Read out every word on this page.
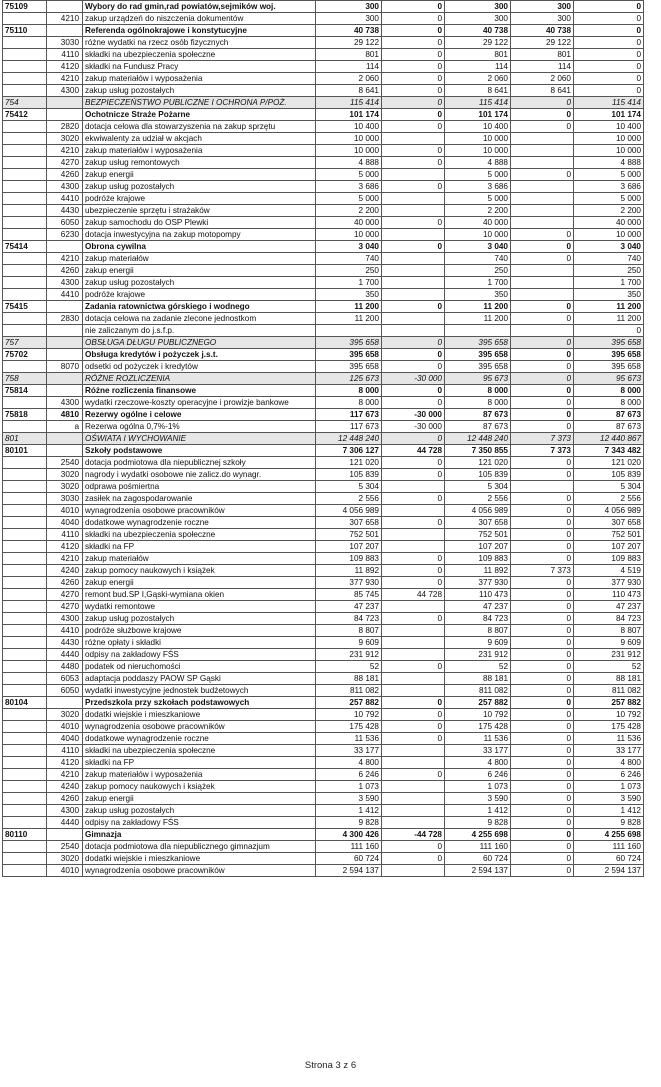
75109		Wybory do rad gmin,rad powiatów,sejmików woj.	300	0	300	300	0
	4210	zakup urządzeń do niszczenia dokumentów	300	0	300	300	0
75110		Referenda ogólnokrajowe i konstytucyjne	40 738	0	40 738	40 738	0
	3030	różne wydatki na rzecz osób fizycznych	29 122	0	29 122	29 122	0
	4110	składki na ubezpieczenia społeczne	801	0	801	801	0
	4120	składki na Fundusz Pracy	114	0	114	114	0
	4210	zakup materiałów i wyposażenia	2 060	0	2 060	2 060	0
	4300	zakup usług pozostałych	8 641	0	8 641	8 641	0
754		BEZPIECZEŃSTWO PUBLICZNE I OCHRONA P/POŻ.	115 414	0	115 414	0	115 414
75412		Ochotnicze Straże Pożarne	101 174	0	101 174	0	101 174
	2820	dotacja celowa dla stowarzyszenia na zakup sprzętu	10 400	0	10 400	0	10 400
	3020	ekwiwalenty za udział w akcjach	10 000		10 000		10 000
	4210	zakup materiałów i wyposażenia	10 000	0	10 000		10 000
	4270	zakup usług remontowych	4 888	0	4 888		4 888
	4260	zakup energii	5 000		5 000	0	5 000
	4300	zakup usług pozostałych	3 686	0	3 686		3 686
	4410	podróże krajowe	5 000		5 000		5 000
	4430	ubezpieczenie sprzętu i strażaków	2 200		2 200		2 200
	6050	zakup samochodu do OSP Plewki	40 000	0	40 000		40 000
	6230	dotacja inwestycyjna na zakup motopompy	10 000		10 000	0	10 000
75414		Obrona cywilna	3 040	0	3 040	0	3 040
	4210	zakup materiałów	740		740	0	740
	4260	zakup energii	250		250		250
	4300	zakup usług pozostałych	1 700		1 700		1 700
	4410	podróże krajowe	350		350		350
75415		Zadania ratownictwa górskiego i wodnego	11 200	0	11 200	0	11 200
	2830	dotacja celowa na zadanie zlecone jednostkom	11 200		11 200	0	11 200
		nie zaliczanym do j.s.f.p.					0
757		OBSŁUGA DŁUGU PUBLICZNEGO	395 658	0	395 658	0	395 658
75702		Obsługa kredytów i pożyczek j.s.t.	395 658	0	395 658	0	395 658
	8070	odsetki od pożyczek i kredytów	395 658	0	395 658	0	395 658
758		RÓŻNE ROZLICZENIA	125 673	-30 000	95 673	0	95 673
75814		Różne rozliczenia finansowe	8 000	0	8 000	0	8 000
	4300	wydatki rzeczowe-koszty operacyjne i prowizje bankowe	8 000	0	8 000	0	8 000
75818	4810	Rezerwy ogólne i celowe	117 673	-30 000	87 673	0	87 673
	a	Rezerwa ogólna 0,7%-1%	117 673	-30 000	87 673	0	87 673
801		OŚWIATA I WYCHOWANIE	12 448 240	0	12 448 240	7 373	12 440 867
80101		Szkoły podstawowe	7 306 127	44 728	7 350 855	7 373	7 343 482
	2540	dotacja podmiotowa dla niepublicznej szkoły	121 020	0	121 020	0	121 020
	3020	nagrody i wydatki osobowe nie zalicz.do wynagr.	105 839	0	105 839	0	105 839
	3020	odprawa pośmiertna	5 304		5 304		5 304
	3030	zasiłek na zagospodarowanie	2 556	0	2 556	0	2 556
	4010	wynagrodzenia osobowe pracowników	4 056 989		4 056 989	0	4 056 989
	4040	dodatkowe wynagrodzenie roczne	307 658	0	307 658	0	307 658
	4110	składki na ubezpieczenia społeczne	752 501		752 501	0	752 501
	4120	składki na FP	107 207		107 207	0	107 207
	4210	zakup materiałów	109 883	0	109 883	0	109 883
	4240	zakup pomocy naukowych i książek	11 892	0	11 892	7 373	4 519
	4260	zakup energii	377 930	0	377 930	0	377 930
	4270	remont bud.SP I,Gąski-wymiana okien	85 745	44 728	110 473	0	110 473
	4270	wydatki remontowe	47 237		47 237	0	47 237
	4300	zakup usług pozostałych	84 723	0	84 723	0	84 723
	4410	podróże służbowe krajowe	8 807		8 807	0	8 807
	4430	różne opłaty i składki	9 609		9 609	0	9 609
	4440	odpisy na zakładowy FŚS	231 912		231 912	0	231 912
	4480	podatek od nieruchomości	52	0	52	0	52
	6053	adaptacja poddaszy PAOW SP Gąski	88 181		88 181	0	88 181
	6050	wydatki inwestycyjne jednostek budżetowych	811 082		811 082	0	811 082
80104		Przedszkola przy szkołach podstawowych	257 882	0	257 882	0	257 882
	3020	dodatki wiejskie i mieszkaniowe	10 792	0	10 792	0	10 792
	4010	wynagrodzenia osobowe pracowników	175 428	0	175 428	0	175 428
	4040	dodatkowe wynagrodzenie roczne	11 536	0	11 536	0	11 536
	4110	składki na ubezpieczenia społeczne	33 177		33 177	0	33 177
	4120	składki na FP	4 800		4 800	0	4 800
	4210	zakup materiałów i wyposażenia	6 246	0	6 246	0	6 246
	4240	zakup pomocy naukowych i książek	1 073		1 073	0	1 073
	4260	zakup energii	3 590		3 590	0	3 590
	4300	zakup usług pozostałych	1 412		1 412	0	1 412
	4440	odpisy na zakładowy FŚS	9 828		9 828	0	9 828
80110		Gimnazja	4 300 426	-44 728	4 255 698	0	4 255 698
	2540	dotacja podmiotowa dla niepublicznego gimnazjum	111 160	0	111 160	0	111 160
	3020	dodatki wiejskie i mieszkaniowe	60 724	0	60 724	0	60 724
	4010	wynagrodzenia osobowe pracowników	2 594 137		2 594 137	0	2 594 137
Strona 3 z 6
